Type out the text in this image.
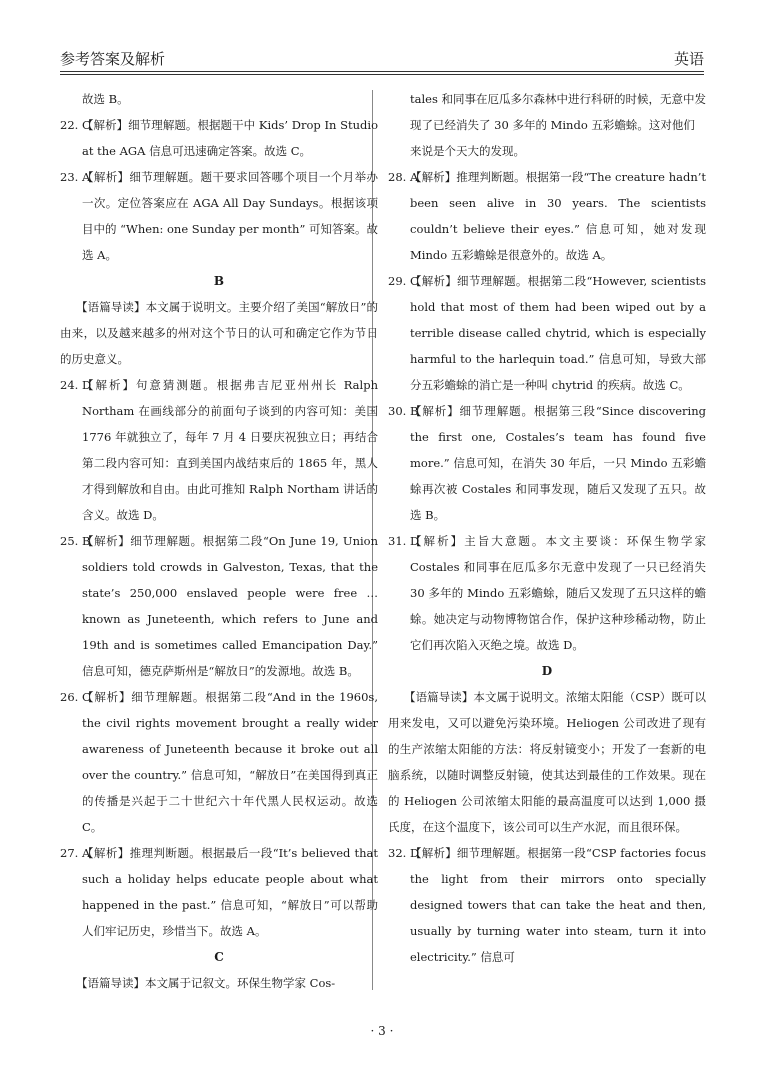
参考答案及解析	英语
故选 B。
22. C
【解析】细节理解题。根据题干中 Kids’ Drop In Studio at the AGA 信息可迅速确定答案。故选 C。
23. A
【解析】细节理解题。题干要求回答哪个项目一个月举办一次。定位答案应在 AGA All Day Sundays。根据该项目中的 “When: one Sunday per month” 可知答案。故选 A。
B
【语篇导读】本文属于说明文。主要介绍了美国“解放日”的由来，以及越来越多的州对这个节日的认可和确定它作为节日的历史意义。
24. D
【解析】句意猜测题。根据弗吉尼亚州州长 Ralph Northam 在画线部分的前面句子谈到的内容可知：美国 1776 年就独立了，每年 7 月 4 日要庆祝独立日；再结合第二段内容可知：直到美国内战结束后的 1865 年，黑人才得到解放和自由。由此可推知 Ralph Northam 讲话的含义。故选 D。
25. B
【解析】细节理解题。根据第二段“On June 19, Union soldiers told crowds in Galveston, Texas, that the state’s 250,000 enslaved people were free … known as Juneteenth, which refers to June and 19th and is sometimes called Emancipation Day.” 信息可知，德克萨斯州是“解放日”的发源地。故选 B。
26. C
【解析】细节理解题。根据第二段“And in the 1960s, the civil rights movement brought a really wider awareness of Juneteenth because it broke out all over the country.” 信息可知，“解放日”在美国得到真正的传播是兴起于二十世纪六十年代黑人民权运动。故选 C。
27. A
【解析】推理判断题。根据最后一段“It’s believed that such a holiday helps educate people about what happened in the past.” 信息可知，“解放日”可以帮助人们牢记历史，珍惜当下。故选 A。
C
【语篇导读】本文属于记叙文。环保生物学家 Cos-
tales 和同事在厄瓜多尔森林中进行科研的时候，无意中发现了已经消失了 30 多年的 Mindo 五彩蟾蜍。这对他们来说是个天大的发现。
28. A
【解析】推理判断题。根据第一段“The creature hadn’t been seen alive in 30 years. The scientists couldn’t believe their eyes.” 信息可知，她对发现 Mindo 五彩蟾蜍是很意外的。故选 A。
29. C
【解析】细节理解题。根据第二段“However, scientists hold that most of them had been wiped out by a terrible disease called chytrid, which is especially harmful to the harlequin toad.” 信息可知，导致大部分五彩蟾蜍的消亡是一种叫 chytrid 的疾病。故选 C。
30. B
【解析】细节理解题。根据第三段“Since discovering the first one, Costales’s team has found five more.” 信息可知，在消失 30 年后，一只 Mindo 五彩蟾蜍再次被 Costales 和同事发现，随后又发现了五只。故选 B。
31. D
【解析】主旨大意题。本文主要谈：环保生物学家 Costales 和同事在厄瓜多尔无意中发现了一只已经消失 30 多年的 Mindo 五彩蟾蜍，随后又发现了五只这样的蟾蜍。她决定与动物博物馆合作，保护这种珍稀动物，防止它们再次陷入灭绝之境。故选 D。
D
【语篇导读】本文属于说明文。浓缩太阳能（CSP）既可以用来发电，又可以避免污染环境。Heliogen 公司改进了现有的生产浓缩太阳能的方法：将反射镜变小；开发了一套新的电脑系统，以随时调整反射镜，使其达到最佳的工作效果。现在的 Heliogen 公司浓缩太阳能的最高温度可以达到 1,000 摄氏度，在这个温度下，该公司可以生产水泥，而且很环保。
32. D
【解析】细节理解题。根据第一段“CSP factories focus the light from their mirrors onto specially designed towers that can take the heat and then, usually by turning water into steam, turn it into electricity.” 信息可
· 3 ·
